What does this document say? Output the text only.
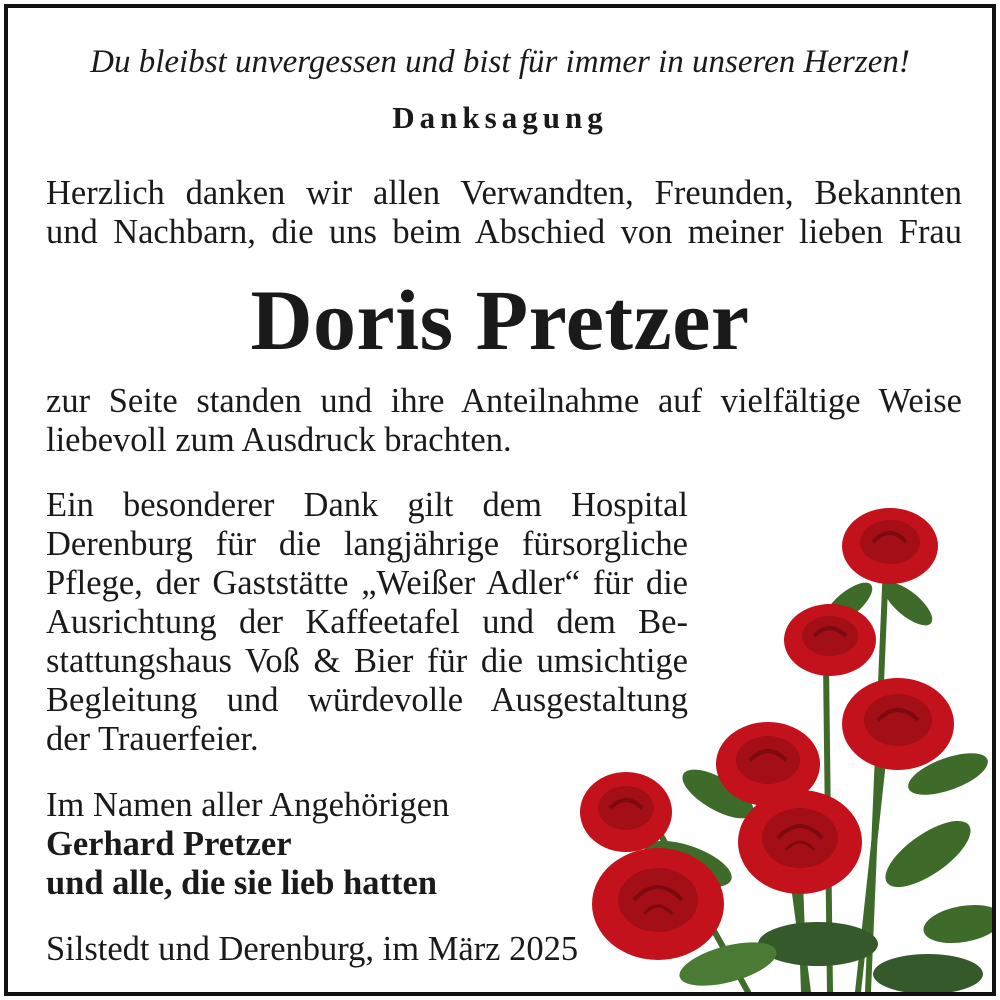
Du bleibst unvergessen und bist für immer in unseren Herzen!

Danksagung

Herzlich danken wir allen Verwandten, Freunden, Bekannten

und Nachbarn, die uns beim Abschied von meiner lieben Frau

Doris Pretzer

zur Seite standen und ihre Anteilnahme auf vielfältige Weise

liebevoll zum Ausdruck brachten.

Ein besonderer Dank gilt dem Hospital

Derenburg für die langjährige fürsorgliche

Pflege, der Gaststätte „Weißer Adler“ für die

Ausrichtung der Kaffeetafel und dem Be-

stattungshaus Voß & Bier für die umsichtige

Begleitung und würdevolle Ausgestaltung

der Trauerfeier.

Im Namen aller Angehörigen

Gerhard Pretzer

und alle, die sie lieb hatten

Silstedt und Derenburg, im März 2025
